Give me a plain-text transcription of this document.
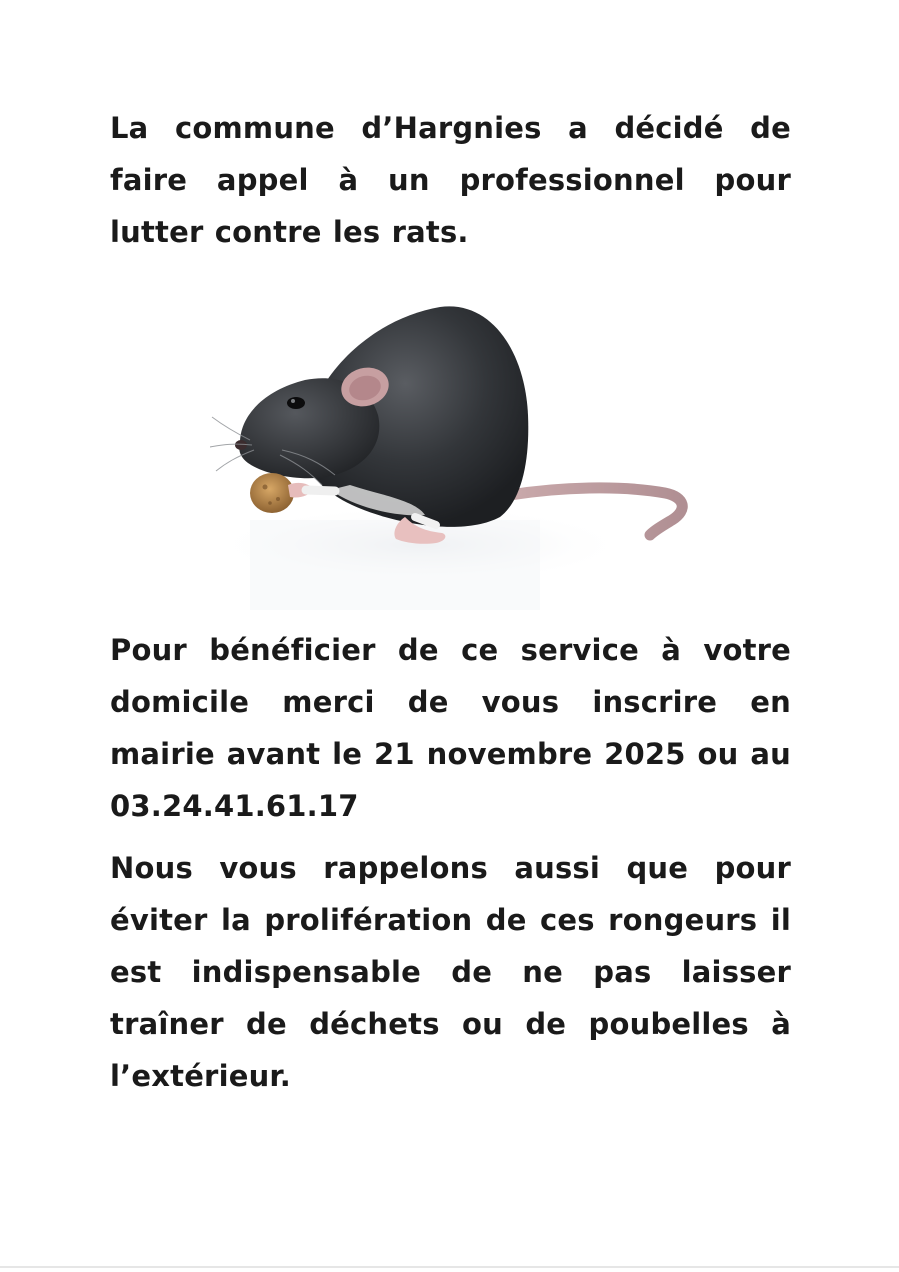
La commune d’Hargnies a décidé de faire appel à un professionnel pour lutter contre les rats.

Pour bénéficier de ce service à votre domicile merci de vous inscrire en mairie avant le 21 novembre 2025 ou au 03.24.41.61.17

Nous vous rappelons aussi que pour éviter la prolifération de ces rongeurs il est indispensable de ne pas laisser traîner de déchets ou de poubelles à l’extérieur.
